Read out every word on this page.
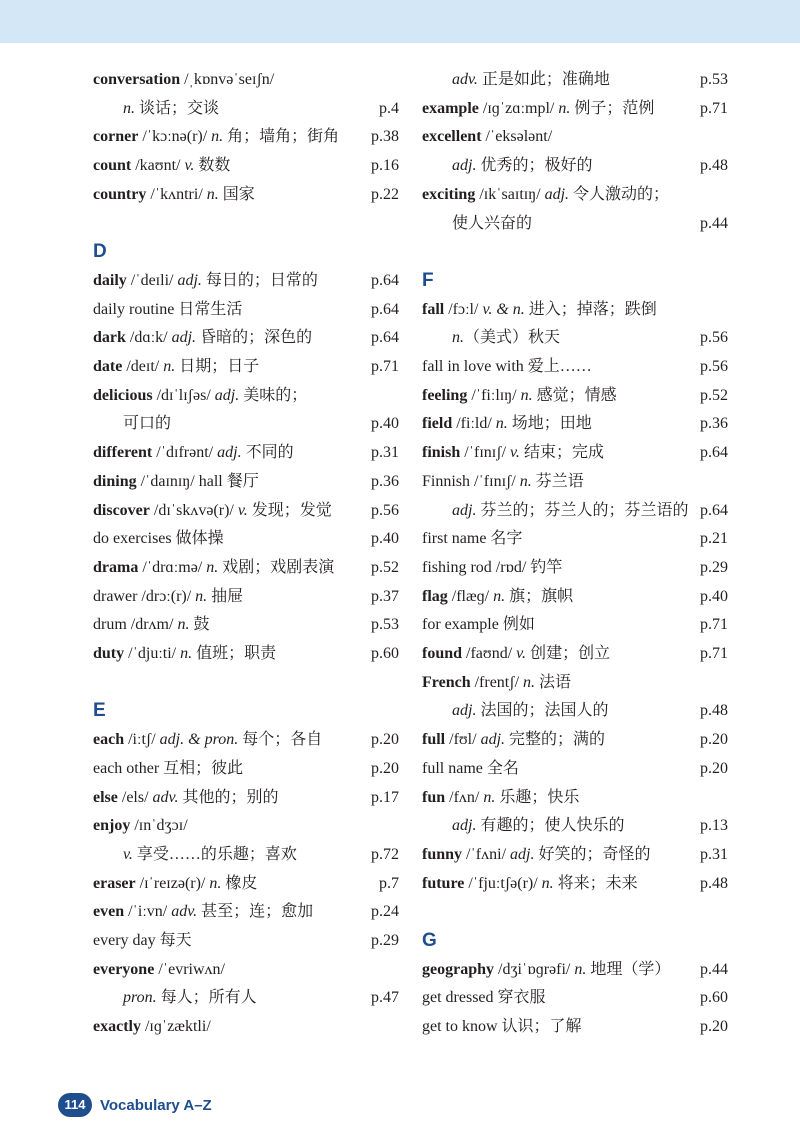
conversation /ˌkɒnvəˈseɪʃn/
n. 谈话；交谈	p.4
corner /ˈkɔːnə(r)/ n. 角；墙角；街角 p.38
count /kaʊnt/ v. 数数	p.16
country /ˈkʌntri/ n. 国家	p.22
D
daily /ˈdeɪli/ adj. 每日的；日常的	p.64
daily routine 日常生活	p.64
dark /dɑːk/ adj. 昏暗的；深色的	p.64
date /deɪt/ n. 日期；日子	p.71
delicious /dɪˈlɪʃəs/ adj. 美味的；
可口的	p.40
different /ˈdɪfrənt/ adj. 不同的	p.31
dining /ˈdaɪnɪŋ/ hall 餐厅	p.36
discover /dɪˈskʌvə(r)/ v. 发现；发觉 p.56
do exercises 做体操	p.40
drama /ˈdrɑːmə/ n. 戏剧；戏剧表演 p.52
drawer /drɔː(r)/ n. 抽屉	p.37
drum /drʌm/ n. 鼓	p.53
duty /ˈdjuːti/ n. 值班；职责	p.60
E
each /iːtʃ/ adj. & pron. 每个；各自	p.20
each other 互相；彼此	p.20
else /els/ adv. 其他的；别的	p.17
enjoy /ɪnˈdʒɔɪ/
v. 享受……的乐趣；喜欢	p.72
eraser /ɪˈreɪzə(r)/ n. 橡皮	p.7
even /ˈiːvn/ adv. 甚至；连；愈加	p.24
every day 每天	p.29
everyone /ˈevriwʌn/
pron. 每人；所有人	p.47
exactly /ɪɡˈzæktli/
adv. 正是如此；准确地	p.53
example /ɪɡˈzɑːmpl/ n. 例子；范例	p.71
excellent /ˈeksələnt/
adj. 优秀的；极好的	p.48
exciting /ɪkˈsaɪtɪŋ/ adj. 令人激动的；
使人兴奋的	p.44
F
fall /fɔːl/ v. & n. 进入；掉落；跌倒
n.（美式）秋天	p.56
fall in love with 爱上……	p.56
feeling /ˈfiːlɪŋ/ n. 感觉；情感	p.52
field /fiːld/ n. 场地；田地	p.36
finish /ˈfɪnɪʃ/ v. 结束；完成	p.64
Finnish /ˈfɪnɪʃ/ n. 芬兰语
adj. 芬兰的；芬兰人的；芬兰语的 p.64
first name 名字	p.21
fishing rod /rɒd/ 钓竿	p.29
flag /flæɡ/ n. 旗；旗帜	p.40
for example 例如	p.71
found /faʊnd/ v. 创建；创立	p.71
French /frentʃ/ n. 法语
adj. 法国的；法国人的	p.48
full /fʊl/ adj. 完整的；满的	p.20
full name 全名	p.20
fun /fʌn/ n. 乐趣；快乐
adj. 有趣的；使人快乐的	p.13
funny /ˈfʌni/ adj. 好笑的；奇怪的	p.31
future /ˈfjuːtʃə(r)/ n. 将来；未来	p.48
G
geography /dʒiˈɒɡrəfi/ n. 地理（学） p.44
get dressed 穿衣服	p.60
get to know 认识；了解	p.20
114 Vocabulary A–Z
